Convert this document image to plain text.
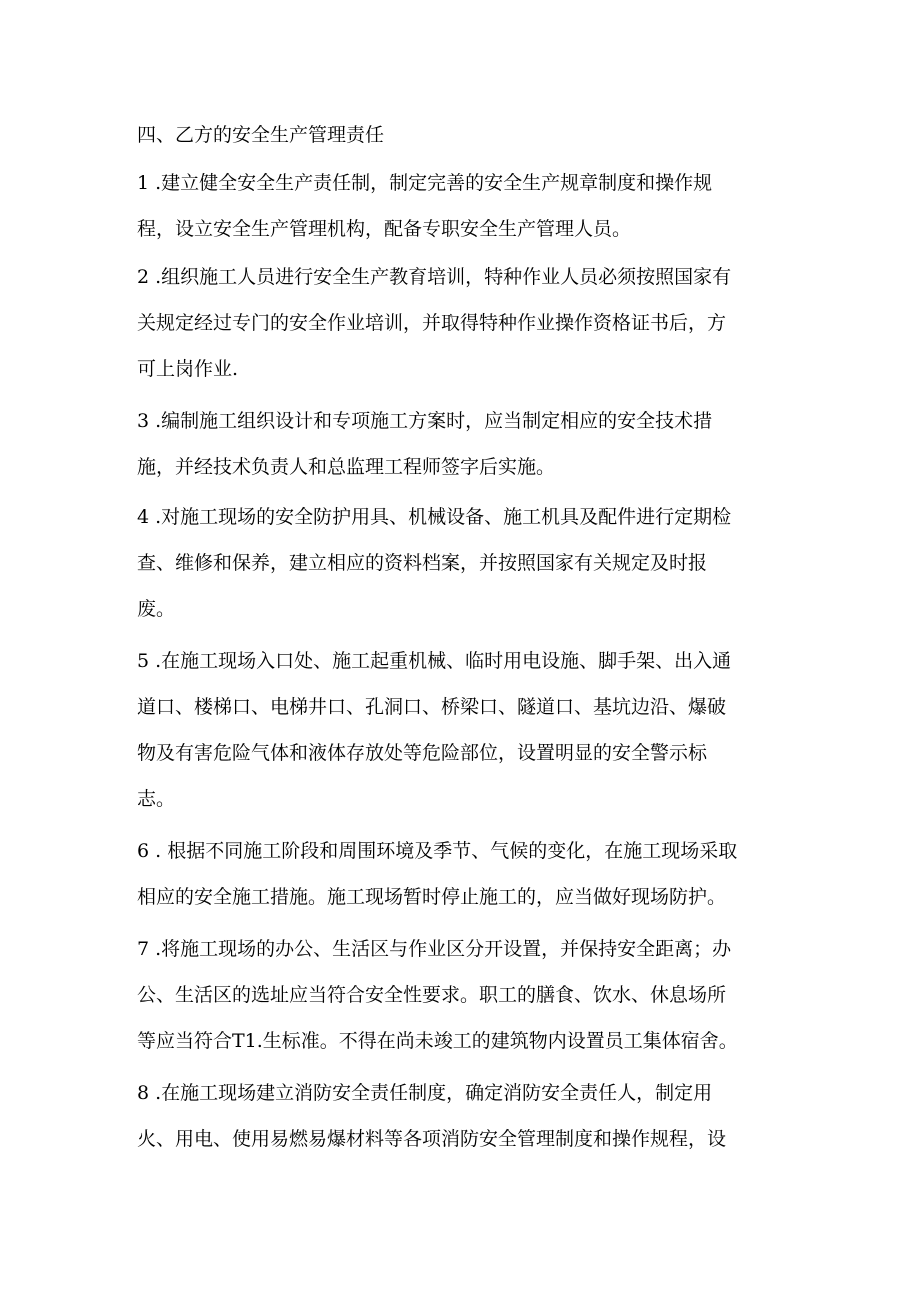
四、乙方的安全生产管理责任
1 .建立健全安全生产责任制，制定完善的安全生产规章制度和操作规
程，设立安全生产管理机构，配备专职安全生产管理人员。
2 .组织施工人员进行安全生产教育培训，特种作业人员必须按照国家有
关规定经过专门的安全作业培训，并取得特种作业操作资格证书后，方
可上岗作业.
3 .编制施工组织设计和专项施工方案时，应当制定相应的安全技术措
施，并经技术负责人和总监理工程师签字后实施。
4 .对施工现场的安全防护用具、机械设备、施工机具及配件进行定期检
查、维修和保养，建立相应的资料档案，并按照国家有关规定及时报
废。
5 .在施工现场入口处、施工起重机械、临时用电设施、脚手架、出入通
道口、楼梯口、电梯井口、孔洞口、桥梁口、隧道口、基坑边沿、爆破
物及有害危险气体和液体存放处等危险部位，设置明显的安全警示标
志。
6 . 根据不同施工阶段和周围环境及季节、气候的变化，在施工现场采取
相应的安全施工措施。施工现场暂时停止施工的，应当做好现场防护。
7 .将施工现场的办公、生活区与作业区分开设置，并保持安全距离；办
公、生活区的选址应当符合安全性要求。职工的膳食、饮水、休息场所
等应当符合T1.生标准。不得在尚未竣工的建筑物内设置员工集体宿舍。
8 .在施工现场建立消防安全责任制度，确定消防安全责任人，制定用
火、用电、使用易燃易爆材料等各项消防安全管理制度和操作规程，设
